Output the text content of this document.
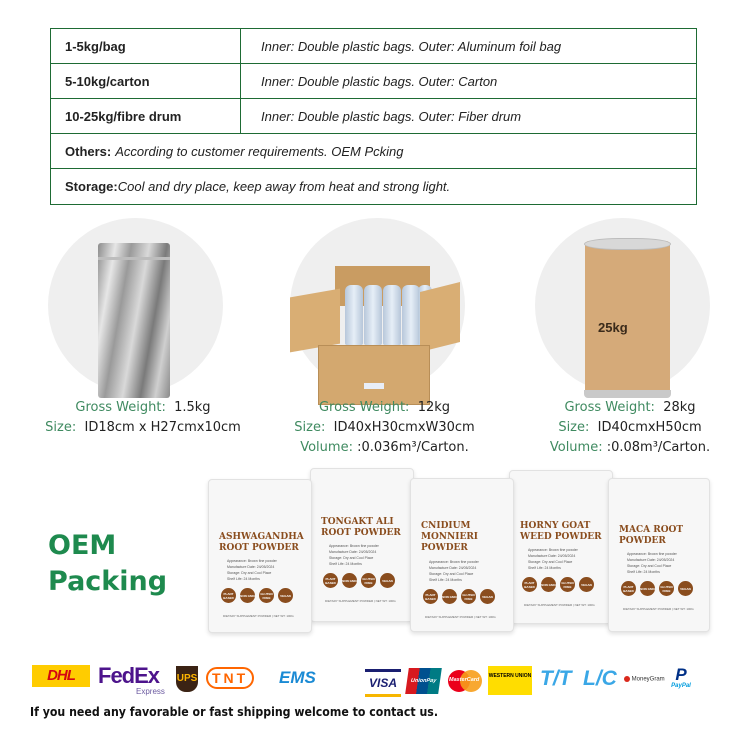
1-5kg/bag	Inner: Double plastic bags. Outer: Aluminum foil bag
5-10kg/carton	Inner: Double plastic bags. Outer: Carton
10-25kg/fibre drum	Inner: Double plastic bags. Outer: Fiber drum
Others: According to customer requirements. OEM Pcking
Storage: Cool and dry place, keep away from heat and strong light.
25kg
Gross Weight: 1.5kg
Size: ID18cm x H27cmx10cm
Gross Weight: 12kg
Size: ID40xH30cmxW30cm
Volume: :0.036m³/Carton.
Gross Weight: 28kg
Size: ID40cmxH50cm
Volume: :0.08m³/Carton.
OEM
Packing
TONGAKT ALI ROOT POWDER
Appearance: Brown fine powder
Manufacture Date: 24/05/2024
Storage: Dry and Cool Place
Shelf Life: 24 Months
PLANT BASED	NON GMO	GLUTEN FREE	VEGAN
DIETARY SUPPLEMENT POWDER | NET WT: 100G
HORNY GOAT WEED POWDER
Appearance: Brown fine powder
Manufacture Date: 24/05/2024
Storage: Dry and Cool Place
Shelf Life: 24 Months
PLANT BASED	NON GMO	GLUTEN FREE	VEGAN
DIETARY SUPPLEMENT POWDER | NET WT: 100G
ASHWAGANDHA ROOT POWDER
Appearance: Brown fine powder
Manufacture Date: 24/05/2024
Storage: Dry and Cool Place
Shelf Life: 24 Months
PLANT BASED	NON GMO	GLUTEN FREE	VEGAN
DIETARY SUPPLEMENT POWDER | NET WT: 100G
CNIDIUM MONNIERI POWDER
Appearance: Brown fine powder
Manufacture Date: 24/05/2024
Storage: Dry and Cool Place
Shelf Life: 24 Months
PLANT BASED	NON GMO	GLUTEN FREE	VEGAN
DIETARY SUPPLEMENT POWDER | NET WT: 100G
MACA ROOT POWDER
Appearance: Brown fine powder
Manufacture Date: 24/05/2024
Storage: Dry and Cool Place
Shelf Life: 24 Months
PLANT BASED	NON GMO	GLUTEN FREE	VEGAN
DIETARY SUPPLEMENT POWDER | NET WT: 100G
DHL	FedEx
Express
UPS	TNT	EMS	VISA	UnionPay	MasterCard
WESTERN UNION T/T L/C	MoneyGram P
PayPal
If you need any favorable or fast shipping welcome to contact us.
